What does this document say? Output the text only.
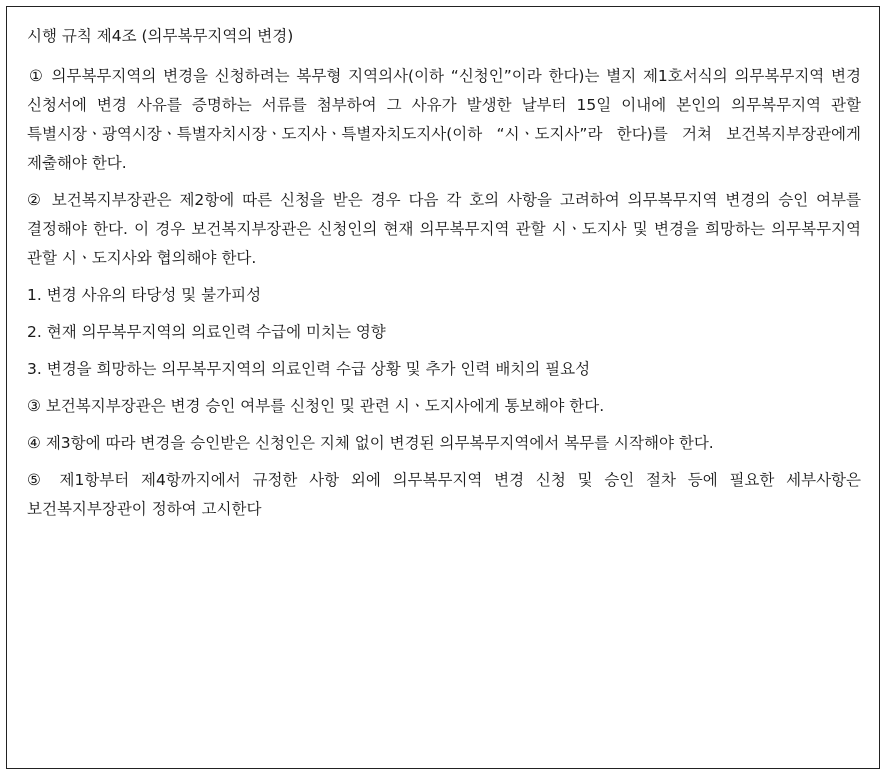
시행 규칙 제4조 (의무복무지역의 변경)

① 의무복무지역의 변경을 신청하려는 복무형 지역의사(이하 “신청인”이라 한다)는 별지 제1호서식의 의무복무지역 변경 신청서에 변경 사유를 증명하는 서류를 첨부하여 그 사유가 발생한 날부터 15일 이내에 본인의 의무복무지역 관할 특별시장ㆍ광역시장ㆍ특별자치시장ㆍ도지사ㆍ특별자치도지사(이하 “시ㆍ도지사”라 한다)를 거쳐 보건복지부장관에게 제출해야 한다.

② 보건복지부장관은 제2항에 따른 신청을 받은 경우 다음 각 호의 사항을 고려하여 의무복무지역 변경의 승인 여부를 결정해야 한다. 이 경우 보건복지부장관은 신청인의 현재 의무복무지역 관할 시ㆍ도지사 및 변경을 희망하는 의무복무지역 관할 시ㆍ도지사와 협의해야 한다.

1. 변경 사유의 타당성 및 불가피성
2. 현재 의무복무지역의 의료인력 수급에 미치는 영향
3. 변경을 희망하는 의무복무지역의 의료인력 수급 상황 및 추가 인력 배치의 필요성
③ 보건복지부장관은 변경 승인 여부를 신청인 및 관련 시ㆍ도지사에게 통보해야 한다.

④ 제3항에 따라 변경을 승인받은 신청인은 지체 없이 변경된 의무복무지역에서 복무를 시작해야 한다.

⑤ 제1항부터 제4항까지에서 규정한 사항 외에 의무복무지역 변경 신청 및 승인 절차 등에 필요한 세부사항은 보건복지부장관이 정하여 고시한다
